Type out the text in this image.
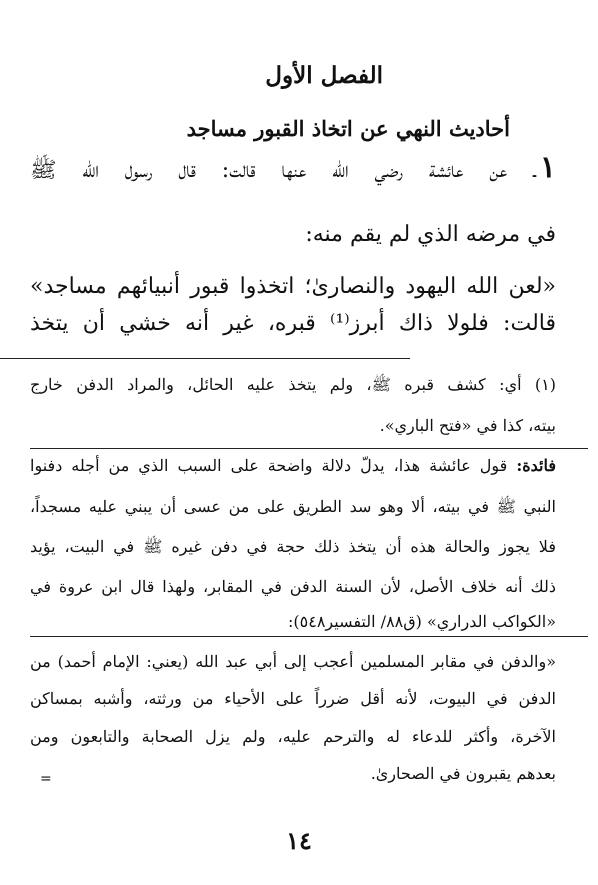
الفصل الأول
أحاديث النهي عن اتخاذ القبور مساجد
١ـ عن عائشة رضي الله عنها قالت: قال رسول الله ﷺ
في مرضه الذي لم يقم منه:
«لعن الله اليهود والنصارىٰ؛ اتخذوا قبور أنبيائهم مساجد»
قالت: فلولا ذاك أبرز⁽¹⁾ قبره، غير أنه خشي أن يتخذ
(١) أي: كشف قبره ﷺ، ولم يتخذ عليه الحائل، والمراد الدفن خارج
بيته، كذا في «فتح الباري».
فائدة: قول عائشة هذا، يدلّ دلالة واضحة على السبب الذي من أجله دفنوا
النبي ﷺ في بيته، ألا وهو سد الطريق على من عسى أن يبني عليه مسجداً،
فلا يجوز والحالة هذه أن يتخذ ذلك حجة في دفن غيره ﷺ في البيت، يؤيد
ذلك أنه خلاف الأصل، لأن السنة الدفن في المقابر، ولهذا قال ابن عروة في
«الكواكب الدراري» (ق٨٨/ التفسير٥٤٨):
«والدفن في مقابر المسلمين أعجب إلى أبي عبد الله (يعني: الإمام أحمد) من
الدفن في البيوت، لأنه أقل ضرراً على الأحياء من ورثته، وأشبه بمساكن
الآخرة، وأكثر للدعاء له والترحم عليه، ولم يزل الصحابة والتابعون ومن
بعدهم يقبرون في الصحارىٰ.
=
١٤
